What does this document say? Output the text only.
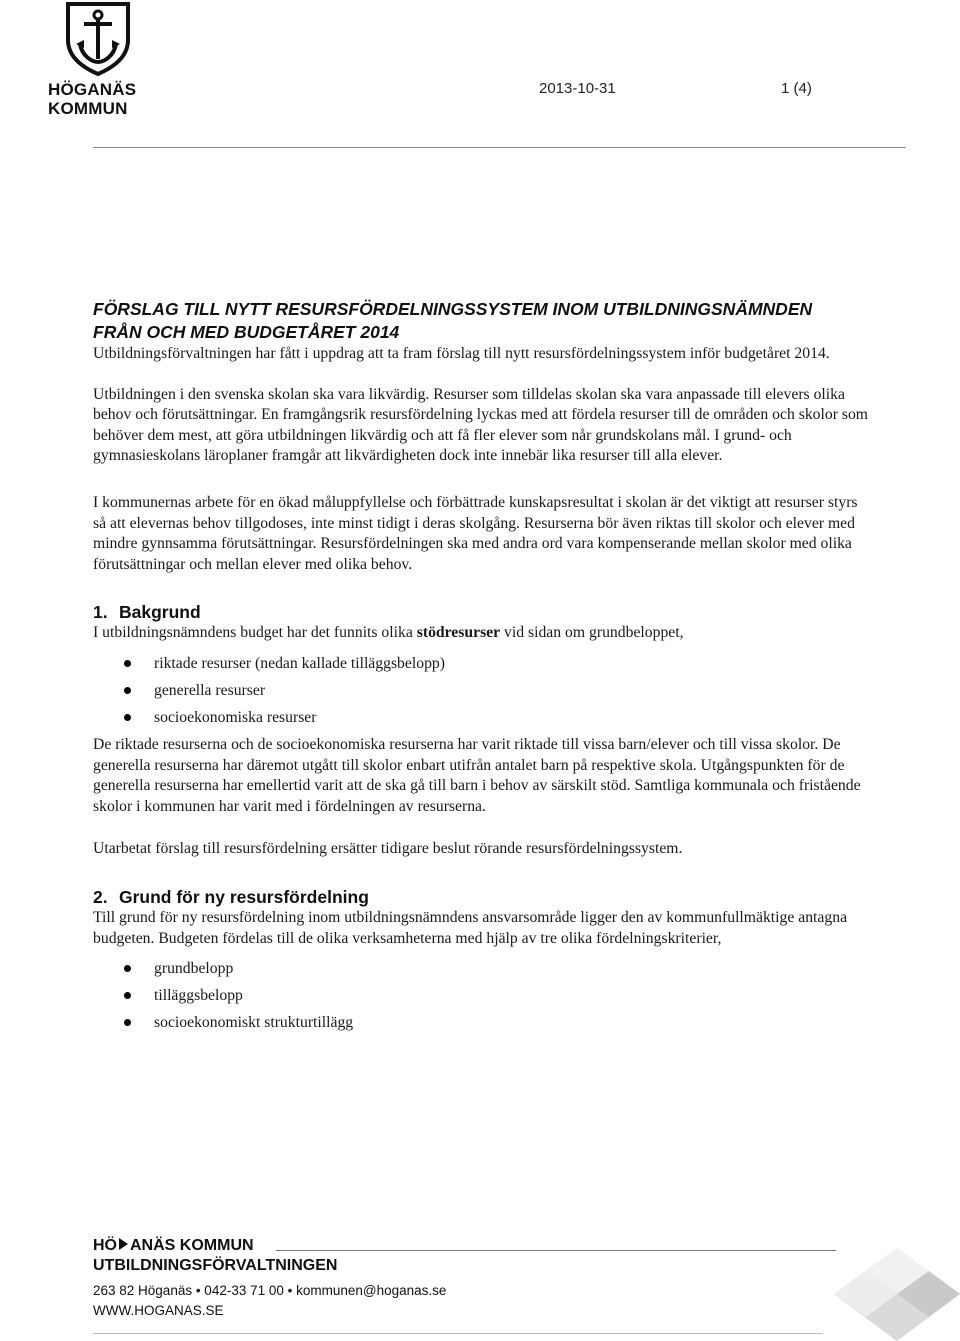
HÖGANÄS
KOMMUN
2013-10-31	1 (4)
FÖRSLAG TILL NYTT RESURSFÖRDELNINGSSYSTEM INOM UTBILDNINGSNÄMNDEN
FRÅN OCH MED BUDGETÅRET 2014

Utbildningsförvaltningen har fått i uppdrag att ta fram förslag till nytt resursfördelningssystem inför budgetåret 2014.

Utbildningen i den svenska skolan ska vara likvärdig. Resurser som tilldelas skolan ska vara anpassade till elevers olika behov och förutsättningar. En framgångsrik resursfördelning lyckas med att fördela resurser till de områden och skolor som behöver dem mest, att göra utbildningen likvärdig och att få fler elever som når grundskolans mål. I grund- och gymnasieskolans läroplaner framgår att likvärdigheten dock inte innebär lika resurser till alla elever.

I kommunernas arbete för en ökad måluppfyllelse och förbättrade kunskapsresultat i skolan är det viktigt att resurser styrs så att elevernas behov tillgodoses, inte minst tidigt i deras skolgång. Resurserna bör även riktas till skolor och elever med mindre gynnsamma förutsättningar. Resursfördelningen ska med andra ord vara kompenserande mellan skolor med olika förutsättningar och mellan elever med olika behov.

1. Bakgrund

I utbildningsnämndens budget har det funnits olika stödresurser vid sidan om grundbeloppet,

riktade resurser (nedan kallade tilläggsbelopp)
generella resurser
socioekonomiska resurser

De riktade resurserna och de socioekonomiska resurserna har varit riktade till vissa barn/elever och till vissa skolor. De generella resurserna har däremot utgått till skolor enbart utifrån antalet barn på respektive skola. Utgångspunkten för de generella resurserna har emellertid varit att de ska gå till barn i behov av särskilt stöd. Samtliga kommunala och fristående skolor i kommunen har varit med i fördelningen av resurserna.

Utarbetat förslag till resursfördelning ersätter tidigare beslut rörande resursfördelningssystem.

2. Grund för ny resursfördelning

Till grund för ny resursfördelning inom utbildningsnämndens ansvarsområde ligger den av kommunfullmäktige antagna budgeten. Budgeten fördelas till de olika verksamheterna med hjälp av tre olika fördelningskriterier,

grundbelopp
tilläggsbelopp
socioekonomiskt strukturtillägg
HÖ ANÄS KOMMUN
UTBILDNINGSFÖRVALTNINGEN
263 82 Höganäs • 042-33 71 00 • kommunen@hoganas.se
WWW.HOGANAS.SE
